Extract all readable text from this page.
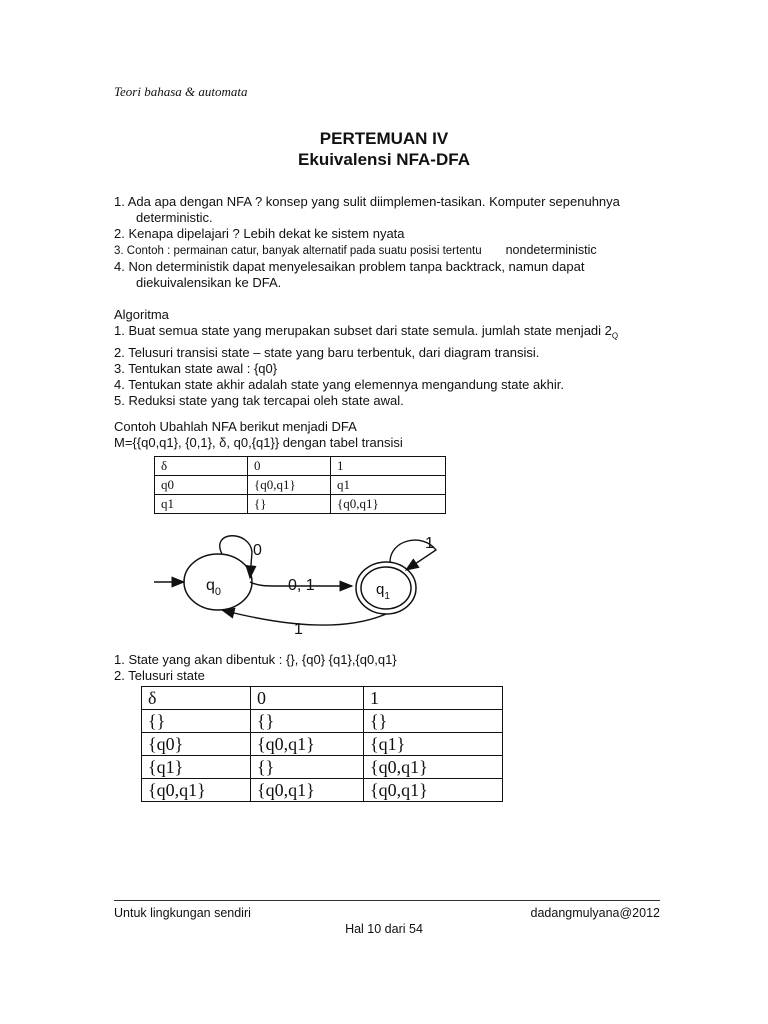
Teori bahasa & automata
PERTEMUAN IV
Ekuivalensi NFA-DFA
1. Ada apa dengan NFA ? konsep yang sulit diimplemen-tasikan. Komputer sepenuhnya
deterministic.
2. Kenapa dipelajari ? Lebih dekat ke sistem nyata
3. Contoh : permainan catur, banyak alternatif pada suatu posisi tertentu nondeterministic
4. Non deterministik dapat menyelesaikan problem tanpa backtrack, namun dapat
diekuivalensikan ke DFA.
Algoritma
1. Buat semua state yang merupakan subset dari state semula. jumlah state menjadi $2_Q$
2. Telusuri transisi state – state yang baru terbentuk, dari diagram transisi.
3. Tentukan state awal : {q0}
4. Tentukan state akhir adalah state yang elemennya mengandung state akhir.
5. Reduksi state yang tak tercapai oleh state awal.
Contoh Ubahlah NFA berikut menjadi DFA
M={{q0,q1}, {0,1}, δ, q0,{q1}} dengan tabel transisi
δ	0	1
q0	{q0,q1}	q1
q1	{}	{q0,q1}
$q_0$	$q_1$
0	1
0, 1
1
1. State yang akan dibentuk : {}, {q0} {q1},{q0,q1}
2. Telusuri state
δ	0	1
{}	{}	{}
{q0}	{q0,q1}	{q1}
{q1}	{}	{q0,q1}
{q0,q1}	{q0,q1}	{q0,q1}
Untuk lingkungan sendiri	dadangmulyana@2012
Hal 10 dari 54
